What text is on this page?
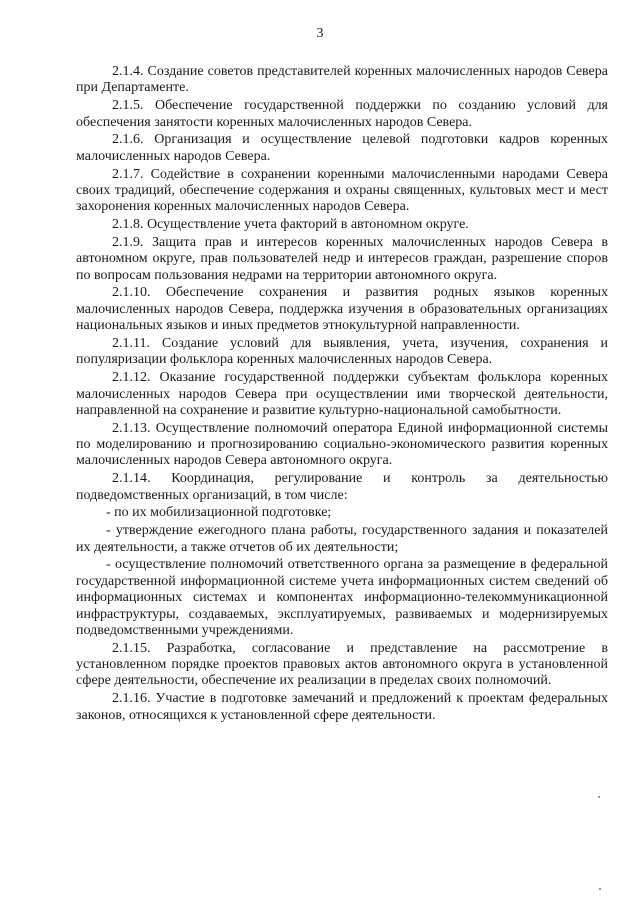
3

2.1.4. Создание советов представителей коренных малочисленных народов Севера при Департаменте.

2.1.5. Обеспечение государственной поддержки по созданию условий для обеспечения занятости коренных малочисленных народов Севера.

2.1.6. Организация и осуществление целевой подготовки кадров коренных малочисленных народов Севера.

2.1.7. Содействие в сохранении коренными малочисленными народами Севера своих традиций, обеспечение содержания и охраны священных, культовых мест и мест захоронения коренных малочисленных народов Севера.

2.1.8. Осуществление учета факторий в автономном округе.

2.1.9. Защита прав и интересов коренных малочисленных народов Севера в автономном округе, прав пользователей недр и интересов граждан, разрешение споров по вопросам пользования недрами на территории автономного округа.

2.1.10. Обеспечение сохранения и развития родных языков коренных малочисленных народов Севера, поддержка изучения в образовательных организациях национальных языков и иных предметов этнокультурной направленности.

2.1.11. Создание условий для выявления, учета, изучения, сохранения и популяризации фольклора коренных малочисленных народов Севера.

2.1.12. Оказание государственной поддержки субъектам фольклора коренных малочисленных народов Севера при осуществлении ими творческой деятельности, направленной на сохранение и развитие культурно-национальной самобытности.

2.1.13. Осуществление полномочий оператора Единой информационной системы по моделированию и прогнозированию социально-экономического развития коренных малочисленных народов Севера автономного округа.

2.1.14. Координация, регулирование и контроль за деятельностью подведомственных организаций, в том числе:

- по их мобилизационной подготовке;

- утверждение ежегодного плана работы, государственного задания и показателей их деятельности, а также отчетов об их деятельности;

- осуществление полномочий ответственного органа за размещение в федеральной государственной информационной системе учета информационных систем сведений об информационных системах и компонентах информационно-телекоммуникационной инфраструктуры, создаваемых, эксплуатируемых, развиваемых и модернизируемых подведомственными учреждениями.

2.1.15. Разработка, согласование и представление на рассмотрение в установленном порядке проектов правовых актов автономного округа в установленной сфере деятельности, обеспечение их реализации в пределах своих полномочий.

2.1.16. Участие в подготовке замечаний и предложений к проектам федеральных законов, относящихся к установленной сфере деятельности.
